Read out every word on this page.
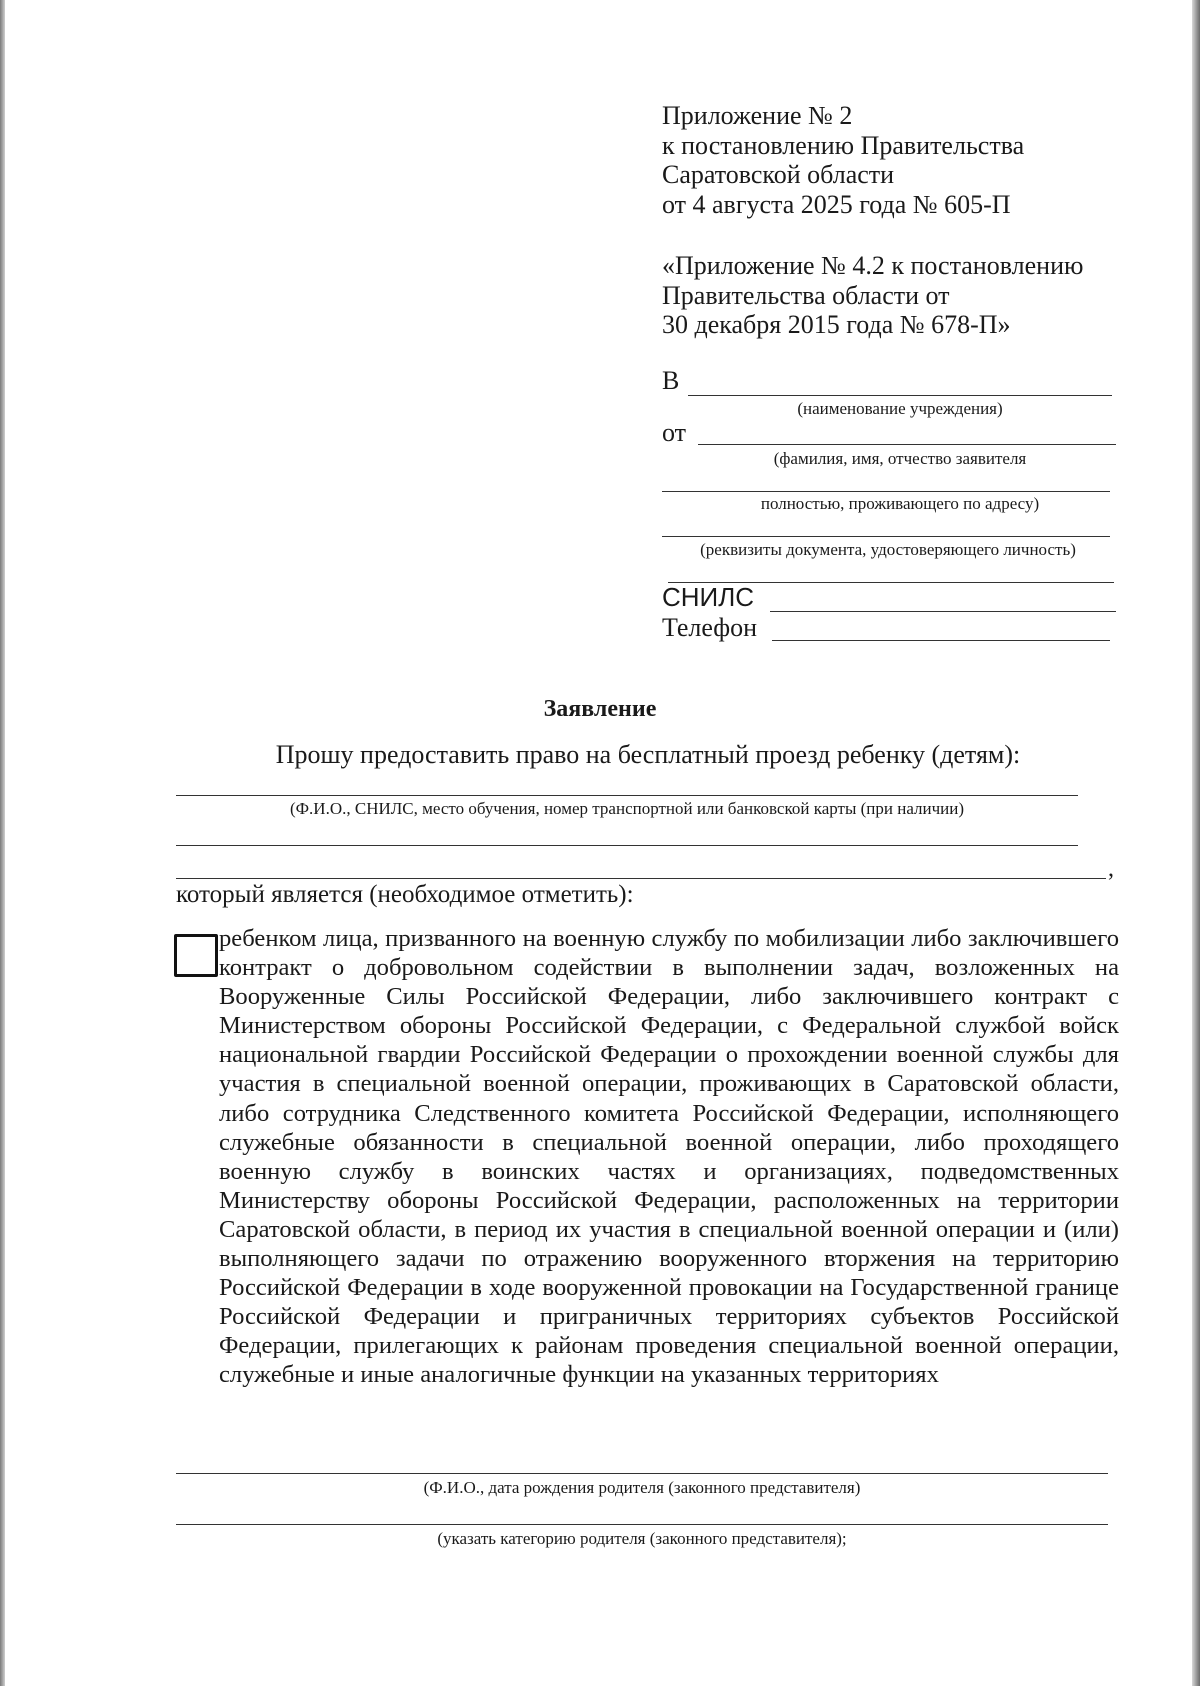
Приложение № 2
к постановлению Правительства
Саратовской области
от 4 августа 2025 года № 605-П
«Приложение № 4.2 к постановлению
Правительства области от
30 декабря 2015 года № 678-П»
В
(наименование учреждения)
от
(фамилия, имя, отчество заявителя
полностью, проживающего по адресу)
(реквизиты документа, удостоверяющего личность)
СНИЛС
Телефон
Заявление
Прошу предоставить право на бесплатный проезд ребенку (детям):
(Ф.И.О., СНИЛС, место обучения, номер транспортной или банковской карты (при наличии)
,
который является (необходимое отметить):
ребенком лица, призванного на военную службу по мобилизации либо заключившего контракт о добровольном содействии в выполнении задач, возложенных на Вооруженные Силы Российской Федерации, либо заключившего контракт с Министерством обороны Российской Федерации, с Федеральной службой войск национальной гвардии Российской Федерации о прохождении военной службы для участия в специальной военной операции, проживающих в Саратовской области, либо сотрудника Следственного комитета Российской Федерации, исполняющего служебные обязанности в специальной военной операции, либо проходящего военную службу в воинских частях и организациях, подведомственных Министерству обороны Российской Федерации, расположенных на территории Саратовской области, в период их участия в специальной военной операции и (или) выполняющего задачи по отражению вооруженного вторжения на территорию Российской Федерации в ходе вооруженной провокации на Государственной границе Российской Федерации и приграничных территориях субъектов Российской Федерации, прилегающих к районам проведения специальной военной операции, служебные и иные аналогичные функции на указанных территориях
(Ф.И.О., дата рождения родителя (законного представителя)
(указать категорию родителя (законного представителя);
